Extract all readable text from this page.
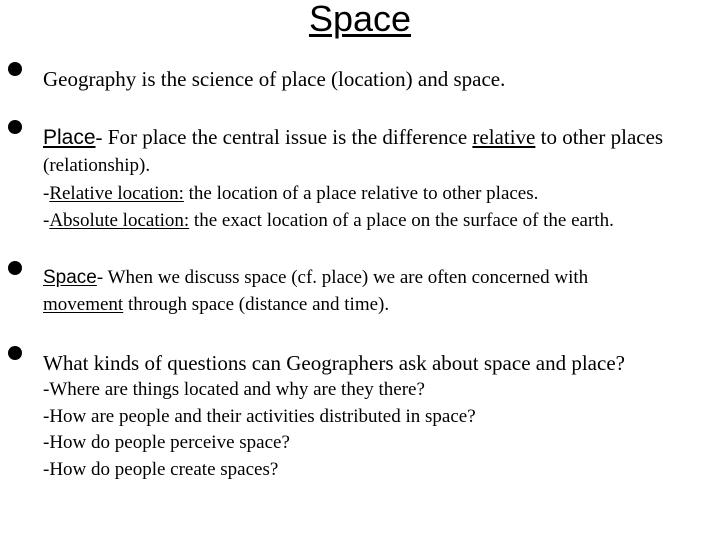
Space
Geography is the science of place (location) and space.
Place- For place the central issue is the difference relative to other places
(relationship).
-Relative location: the location of a place relative to other places.
-Absolute location: the exact location of a place on the surface of the earth.
Space- When we discuss space (cf. place) we are often concerned with
movement through space (distance and time).
What kinds of questions can Geographers ask about space and place?
-Where are things located and why are they there?
-How are people and their activities distributed in space?
-How do people perceive space?
-How do people create spaces?
